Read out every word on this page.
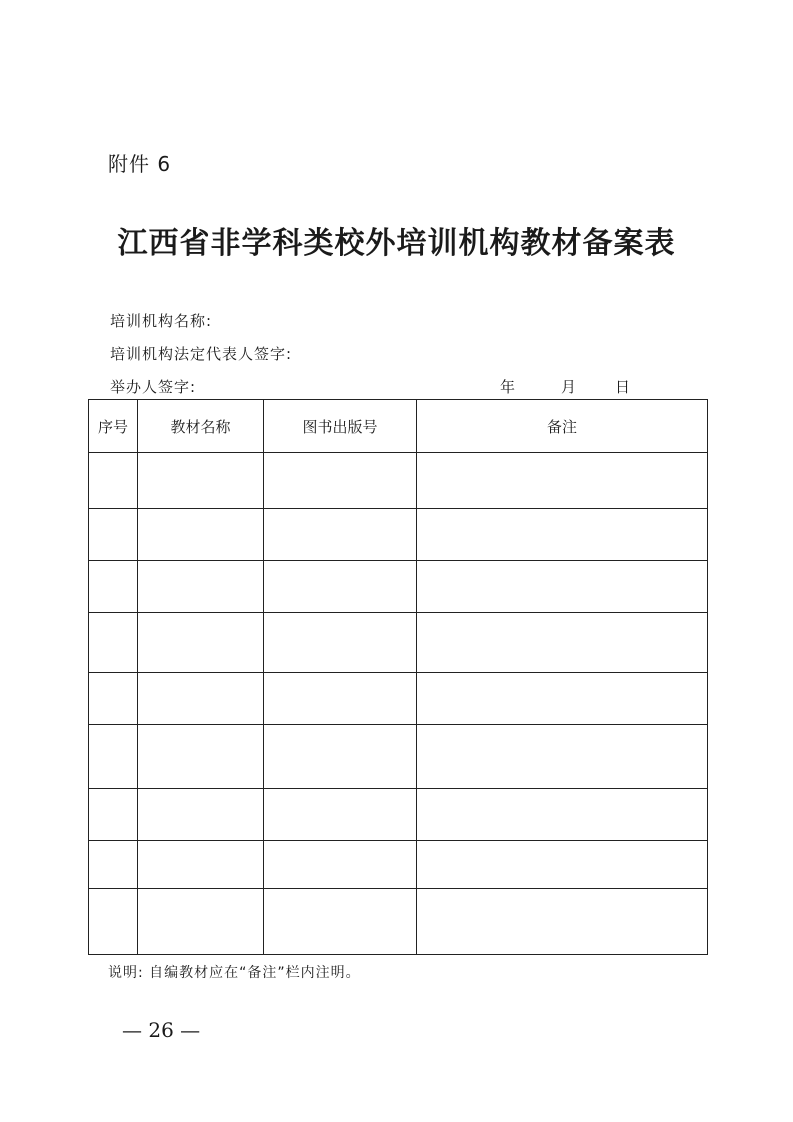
附件 6
江西省非学科类校外培训机构教材备案表
培训机构名称:
培训机构法定代表人签字:
举办人签字:	年	月	日
序号	教材名称	图书出版号	备注

说明: 自编教材应在“备注”栏内注明。
— 26 —
